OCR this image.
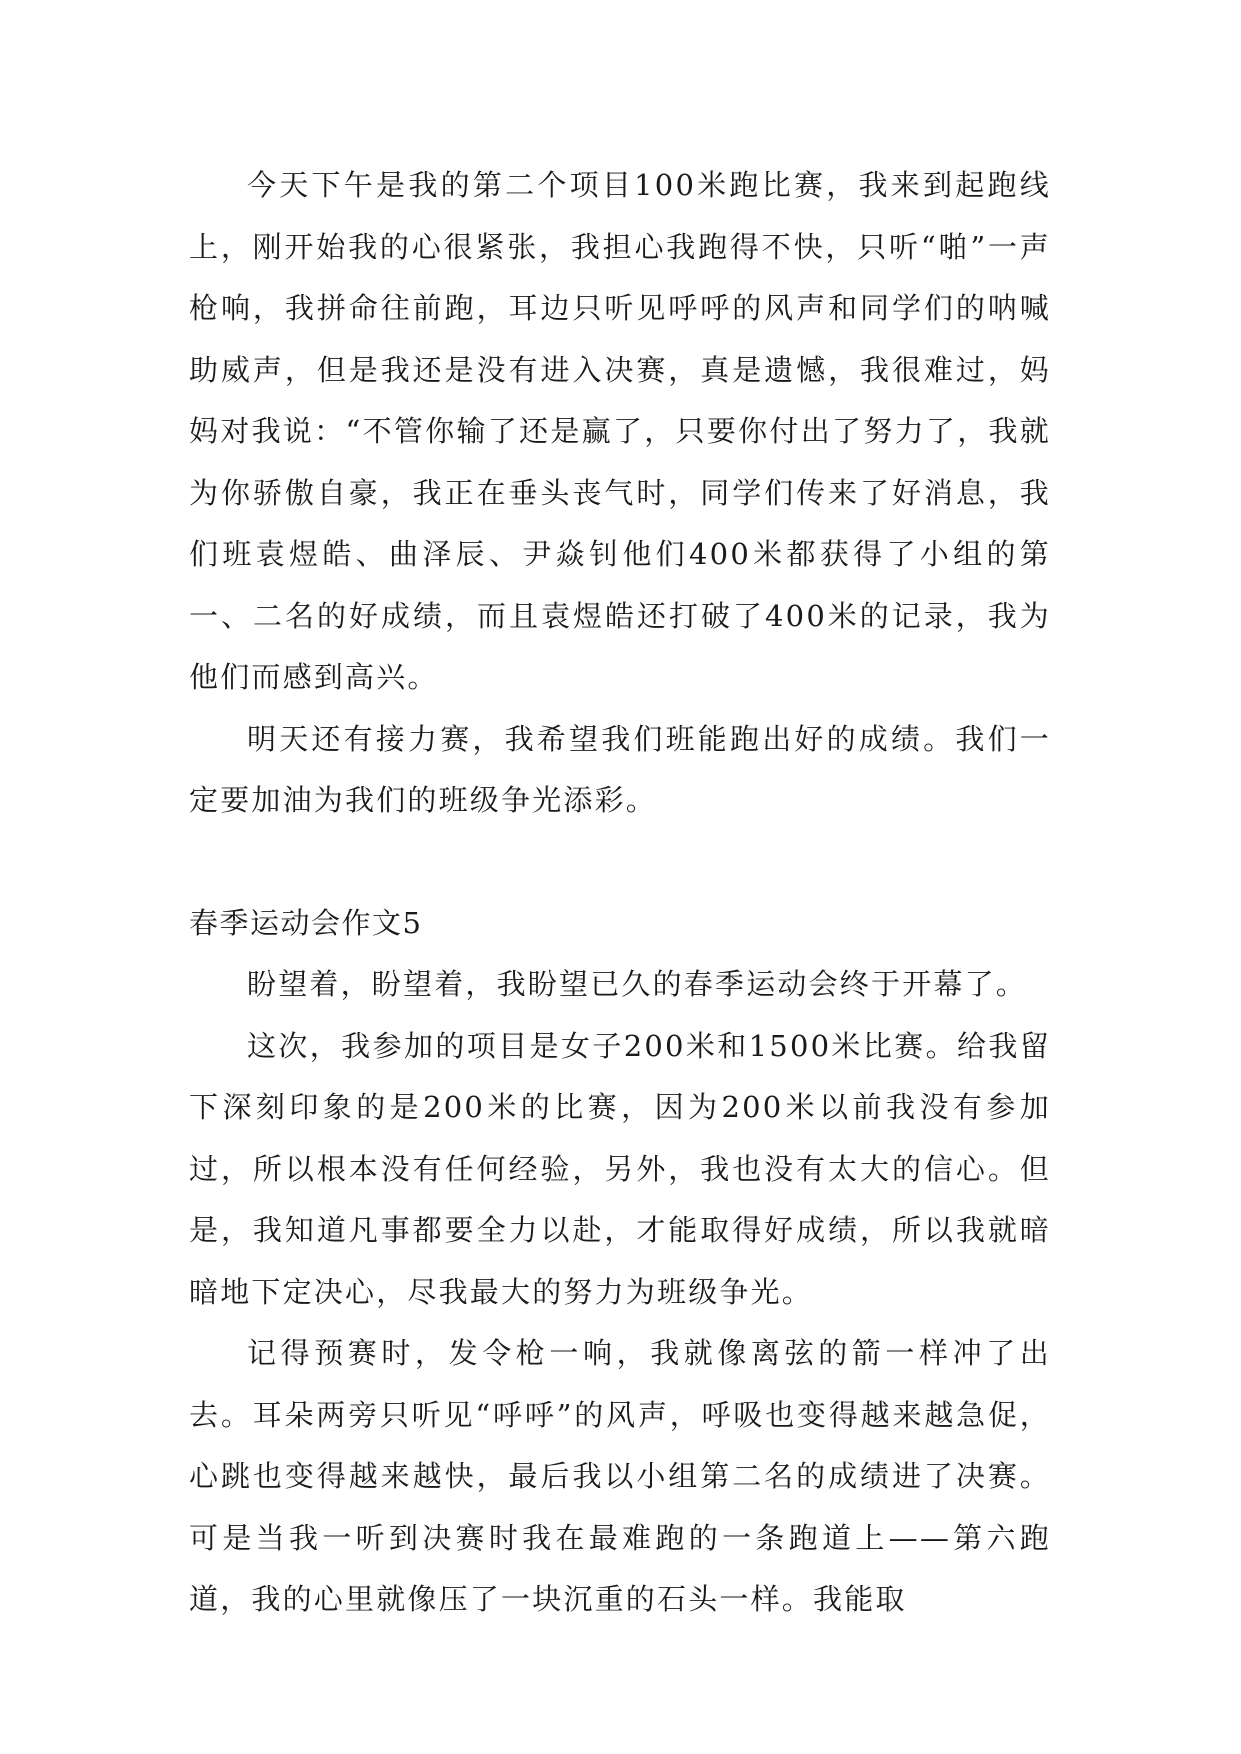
今天下午是我的第二个项目100米跑比赛，我来到起跑线上，刚开始我的心很紧张，我担心我跑得不快，只听“啪”一声枪响，我拼命往前跑，耳边只听见呼呼的风声和同学们的呐喊助威声，但是我还是没有进入决赛，真是遗憾，我很难过，妈妈对我说：“不管你输了还是赢了，只要你付出了努力了，我就为你骄傲自豪，我正在垂头丧气时，同学们传来了好消息，我们班袁煜皓、曲泽辰、尹焱钊他们400米都获得了小组的第一、二名的好成绩，而且袁煜皓还打破了400米的记录，我为他们而感到高兴。

明天还有接力赛，我希望我们班能跑出好的成绩。我们一定要加油为我们的班级争光添彩。

春季运动会作文5

盼望着，盼望着，我盼望已久的春季运动会终于开幕了。

这次，我参加的项目是女子200米和1500米比赛。给我留下深刻印象的是200米的比赛，因为200米以前我没有参加过，所以根本没有任何经验，另外，我也没有太大的信心。但是，我知道凡事都要全力以赴，才能取得好成绩，所以我就暗暗地下定决心，尽我最大的努力为班级争光。

记得预赛时，发令枪一响，我就像离弦的箭一样冲了出去。耳朵两旁只听见“呼呼”的风声，呼吸也变得越来越急促，心跳也变得越来越快，最后我以小组第二名的成绩进了决赛。可是当我一听到决赛时我在最难跑的一条跑道上——第六跑道，我的心里就像压了一块沉重的石头一样。我能取
